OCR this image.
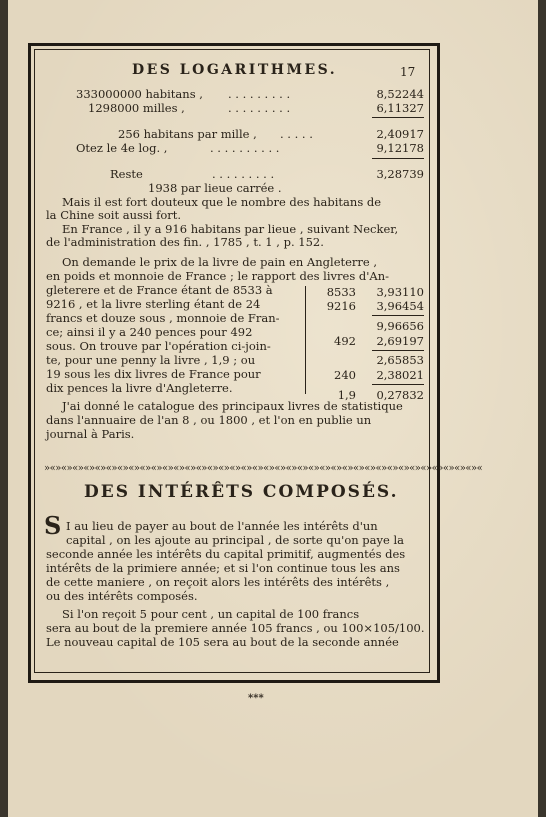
DES LOGARITHMES.	17
333000000 habitans , . . . . . . . . .	8,52244
1298000 milles ,	. . . . . . . . .	6,11327
256 habitans par mille , . . . . .	2,40917
Otez le 4e log. ,	. . . . . . . . . .	9,12178
Reste	. . . . . . . . .	3,28739
1938 par lieue carrée .
Mais il est fort douteux que le nombre des habitans de
la Chine soit aussi fort.
En France , il y a 916 habitans par lieue , suivant Necker,
de l'administration des fin. , 1785 , t. 1 , p. 152.
On demande le prix de la livre de pain en Angleterre ,
en poids et monnoie de France ; le rapport des livres d'An-
gleterere et de France étant de 8533 à
9216 , et la livre sterling étant de 24
francs et douze sous , monnoie de Fran-
ce; ainsi il y a 240 pences pour 492
sous. On trouve par l'opération ci-join-
te, pour une penny la livre , 1,9 ; ou
19 sous les dix livres de France pour
dix pences la livre d'Angleterre.
8533	3,93110
9216	3,96454
9,96656
492	2,69197
2,65853
240	2,38021
1,9	0,27832
J'ai donné le catalogue des principaux livres de statistique
dans l'annuaire de l'an 8 , ou 1800 , et l'on en publie un
journal à Paris.
»«»«»«»«»«»«»«»«»«»«»«»«»«»«»«»«»«»«»«»«»«»«»«»«»«»«»«»«»«»«»«»«»«»«»«»«»«»«»«
DES INTÉRÊTS COMPOSÉS.
S I au lieu de payer au bout de l'année les intérêts d'un
capital , on les ajoute au principal , de sorte qu'on paye la
seconde année les intérêts du capital primitif, augmentés des
intérêts de la primiere année; et si l'on continue tous les ans
de cette maniere , on reçoit alors les intérêts des intérêts ,
ou des intérêts composés.
Si l'on reçoit 5 pour cent , un capital de 100 francs
sera au bout de la premiere année 105 francs , ou 100×105/100.
Le nouveau capital de 105 sera au bout de la seconde année
***
